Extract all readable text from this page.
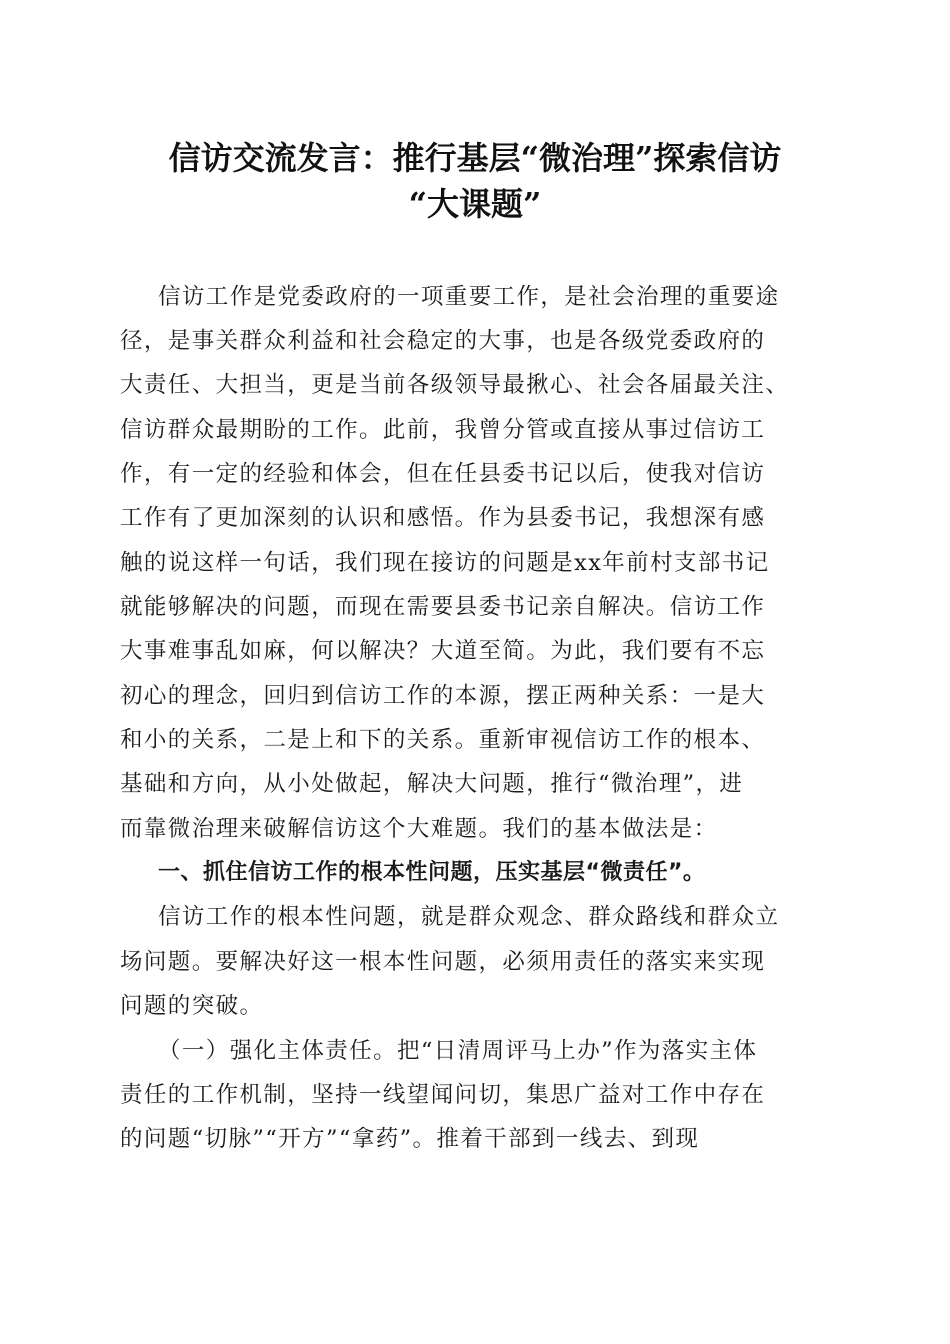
信访交流发言：推行基层“微治理”探索信访
“大课题”
信访工作是党委政府的一项重要工作，是社会治理的重要途
径，是事关群众利益和社会稳定的大事，也是各级党委政府的
大责任、大担当，更是当前各级领导最揪心、社会各届最关注、
信访群众最期盼的工作。此前，我曾分管或直接从事过信访工
作，有一定的经验和体会，但在任县委书记以后，使我对信访
工作有了更加深刻的认识和感悟。作为县委书记，我想深有感
触的说这样一句话，我们现在接访的问题是xx年前村支部书记
就能够解决的问题，而现在需要县委书记亲自解决。信访工作
大事难事乱如麻，何以解决？大道至简。为此，我们要有不忘
初心的理念，回归到信访工作的本源，摆正两种关系：一是大
和小的关系，二是上和下的关系。重新审视信访工作的根本、
基础和方向，从小处做起，解决大问题，推行“微治理”，进
而靠微治理来破解信访这个大难题。我们的基本做法是：
一、抓住信访工作的根本性问题，压实基层“微责任”。
信访工作的根本性问题，就是群众观念、群众路线和群众立
场问题。要解决好这一根本性问题，必须用责任的落实来实现
问题的突破。
（一）强化主体责任。把“日清周评马上办”作为落实主体
责任的工作机制，坚持一线望闻问切，集思广益对工作中存在
的问题“切脉”“开方”“拿药”。推着干部到一线去、到现
